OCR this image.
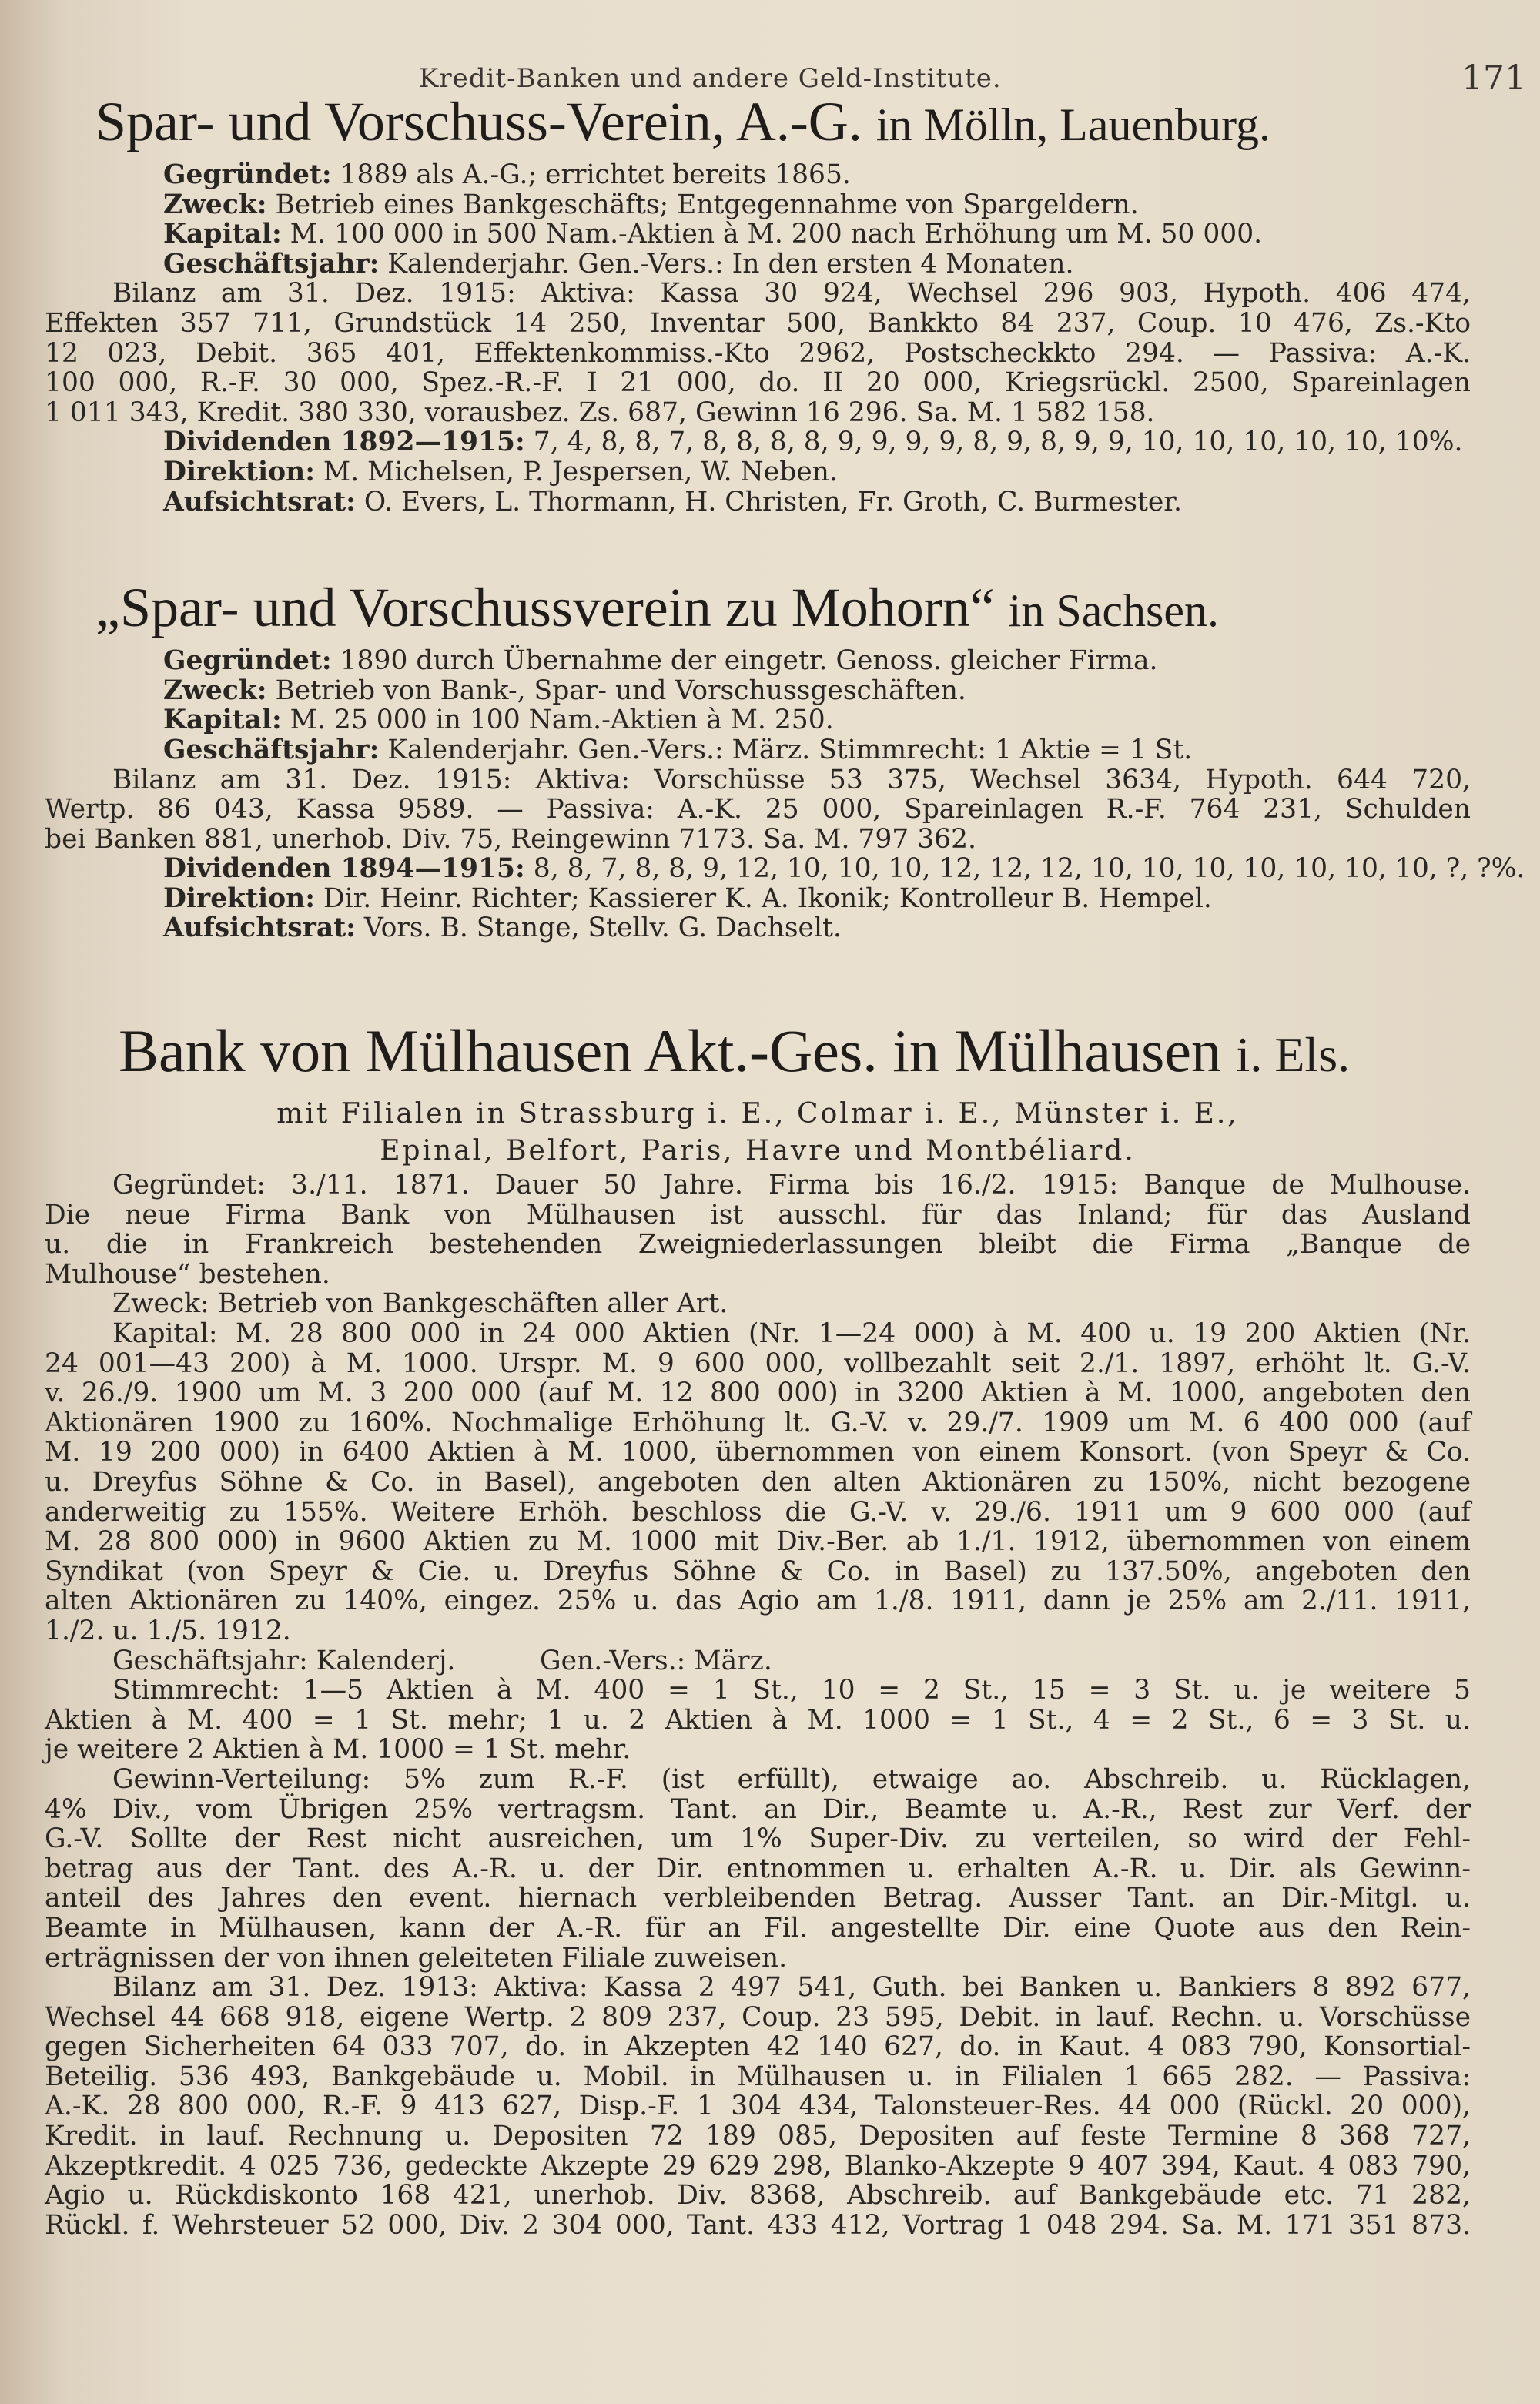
Kredit-Banken und andere Geld-Institute.	171
Spar- und Vorschuss-Verein, A.-G. in Mölln, Lauenburg.

Gegründet: 1889 als A.-G.; errichtet bereits 1865.

Zweck: Betrieb eines Bankgeschäfts; Entgegennahme von Spargeldern.

Kapital: M. 100 000 in 500 Nam.-Aktien à M. 200 nach Erhöhung um M. 50 000.

Geschäftsjahr: Kalenderjahr. Gen.-Vers.: In den ersten 4 Monaten.

Bilanz am 31. Dez. 1915: Aktiva: Kassa 30 924, Wechsel 296 903, Hypoth. 406 474,

Effekten 357 711, Grundstück 14 250, Inventar 500, Bankkto 84 237, Coup. 10 476, Zs.-Kto

12 023, Debit. 365 401, Effektenkommiss.-Kto 2962, Postscheckkto 294. — Passiva: A.-K.

100 000, R.-F. 30 000, Spez.-R.-F. I 21 000, do. II 20 000, Kriegsrückl. 2500, Spareinlagen

1 011 343, Kredit. 380 330, vorausbez. Zs. 687, Gewinn 16 296. Sa. M. 1 582 158.

Dividenden 1892—1915: 7, 4, 8, 8, 7, 8, 8, 8, 8, 9, 9, 9, 9, 8, 9, 8, 9, 9, 10, 10, 10, 10, 10, 10%.

Direktion: M. Michelsen, P. Jespersen, W. Neben.

Aufsichtsrat: O. Evers, L. Thormann, H. Christen, Fr. Groth, C. Burmester.

„Spar- und Vorschussverein zu Mohorn“ in Sachsen.

Gegründet: 1890 durch Übernahme der eingetr. Genoss. gleicher Firma.

Zweck: Betrieb von Bank-, Spar- und Vorschussgeschäften.

Kapital: M. 25 000 in 100 Nam.-Aktien à M. 250.

Geschäftsjahr: Kalenderjahr. Gen.-Vers.: März. Stimmrecht: 1 Aktie = 1 St.

Bilanz am 31. Dez. 1915: Aktiva: Vorschüsse 53 375, Wechsel 3634, Hypoth. 644 720,

Wertp. 86 043, Kassa 9589. — Passiva: A.-K. 25 000, Spareinlagen R.-F. 764 231, Schulden

bei Banken 881, unerhob. Div. 75, Reingewinn 7173. Sa. M. 797 362.

Dividenden 1894—1915: 8, 8, 7, 8, 8, 9, 12, 10, 10, 10, 12, 12, 12, 10, 10, 10, 10, 10, 10, 10, ?, ?%.

Direktion: Dir. Heinr. Richter; Kassierer K. A. Ikonik; Kontrolleur B. Hempel.

Aufsichtsrat: Vors. B. Stange, Stellv. G. Dachselt.

Bank von Mülhausen Akt.-Ges. in Mülhausen i. Els.

mit Filialen in Strassburg i. E., Colmar i. E., Münster i. E.,

Epinal, Belfort, Paris, Havre und Montbéliard.

Gegründet: 3./11. 1871. Dauer 50 Jahre. Firma bis 16./2. 1915: Banque de Mulhouse.

Die neue Firma Bank von Mülhausen ist ausschl. für das Inland; für das Ausland

u. die in Frankreich bestehenden Zweigniederlassungen bleibt die Firma „Banque de

Mulhouse“ bestehen.

Zweck: Betrieb von Bankgeschäften aller Art.

Kapital: M. 28 800 000 in 24 000 Aktien (Nr. 1—24 000) à M. 400 u. 19 200 Aktien (Nr.

24 001—43 200) à M. 1000. Urspr. M. 9 600 000, vollbezahlt seit 2./1. 1897, erhöht lt. G.-V.

v. 26./9. 1900 um M. 3 200 000 (auf M. 12 800 000) in 3200 Aktien à M. 1000, angeboten den

Aktionären 1900 zu 160%. Nochmalige Erhöhung lt. G.-V. v. 29./7. 1909 um M. 6 400 000 (auf

M. 19 200 000) in 6400 Aktien à M. 1000, übernommen von einem Konsort. (von Speyr & Co.

u. Dreyfus Söhne & Co. in Basel), angeboten den alten Aktionären zu 150%, nicht bezogene

anderweitig zu 155%. Weitere Erhöh. beschloss die G.-V. v. 29./6. 1911 um 9 600 000 (auf

M. 28 800 000) in 9600 Aktien zu M. 1000 mit Div.-Ber. ab 1./1. 1912, übernommen von einem

Syndikat (von Speyr & Cie. u. Dreyfus Söhne & Co. in Basel) zu 137.50%, angeboten den

alten Aktionären zu 140%, eingez. 25% u. das Agio am 1./8. 1911, dann je 25% am 2./11. 1911,

1./2. u. 1./5. 1912.

Geschäftsjahr: Kalenderj.          Gen.-Vers.: März.

Stimmrecht: 1—5 Aktien à M. 400 = 1 St., 10 = 2 St., 15 = 3 St. u. je weitere 5

Aktien à M. 400 = 1 St. mehr; 1 u. 2 Aktien à M. 1000 = 1 St., 4 = 2 St., 6 = 3 St. u.

je weitere 2 Aktien à M. 1000 = 1 St. mehr.

Gewinn-Verteilung: 5% zum R.-F. (ist erfüllt), etwaige ao. Abschreib. u. Rücklagen,

4% Div., vom Übrigen 25% vertragsm. Tant. an Dir., Beamte u. A.-R., Rest zur Verf. der

G.-V. Sollte der Rest nicht ausreichen, um 1% Super-Div. zu verteilen, so wird der Fehl-

betrag aus der Tant. des A.-R. u. der Dir. entnommen u. erhalten A.-R. u. Dir. als Gewinn-

anteil des Jahres den event. hiernach verbleibenden Betrag. Ausser Tant. an Dir.-Mitgl. u.

Beamte in Mülhausen, kann der A.-R. für an Fil. angestellte Dir. eine Quote aus den Rein-

erträgnissen der von ihnen geleiteten Filiale zuweisen.

Bilanz am 31. Dez. 1913: Aktiva: Kassa 2 497 541, Guth. bei Banken u. Bankiers 8 892 677,

Wechsel 44 668 918, eigene Wertp. 2 809 237, Coup. 23 595, Debit. in lauf. Rechn. u. Vorschüsse

gegen Sicherheiten 64 033 707, do. in Akzepten 42 140 627, do. in Kaut. 4 083 790, Konsortial-

Beteilig. 536 493, Bankgebäude u. Mobil. in Mülhausen u. in Filialen 1 665 282. — Passiva:

A.-K. 28 800 000, R.-F. 9 413 627, Disp.-F. 1 304 434, Talonsteuer-Res. 44 000 (Rückl. 20 000),

Kredit. in lauf. Rechnung u. Depositen 72 189 085, Depositen auf feste Termine 8 368 727,

Akzeptkredit. 4 025 736, gedeckte Akzepte 29 629 298, Blanko-Akzepte 9 407 394, Kaut. 4 083 790,

Agio u. Rückdiskonto 168 421, unerhob. Div. 8368, Abschreib. auf Bankgebäude etc. 71 282,

Rückl. f. Wehrsteuer 52 000, Div. 2 304 000, Tant. 433 412, Vortrag 1 048 294. Sa. M. 171 351 873.
